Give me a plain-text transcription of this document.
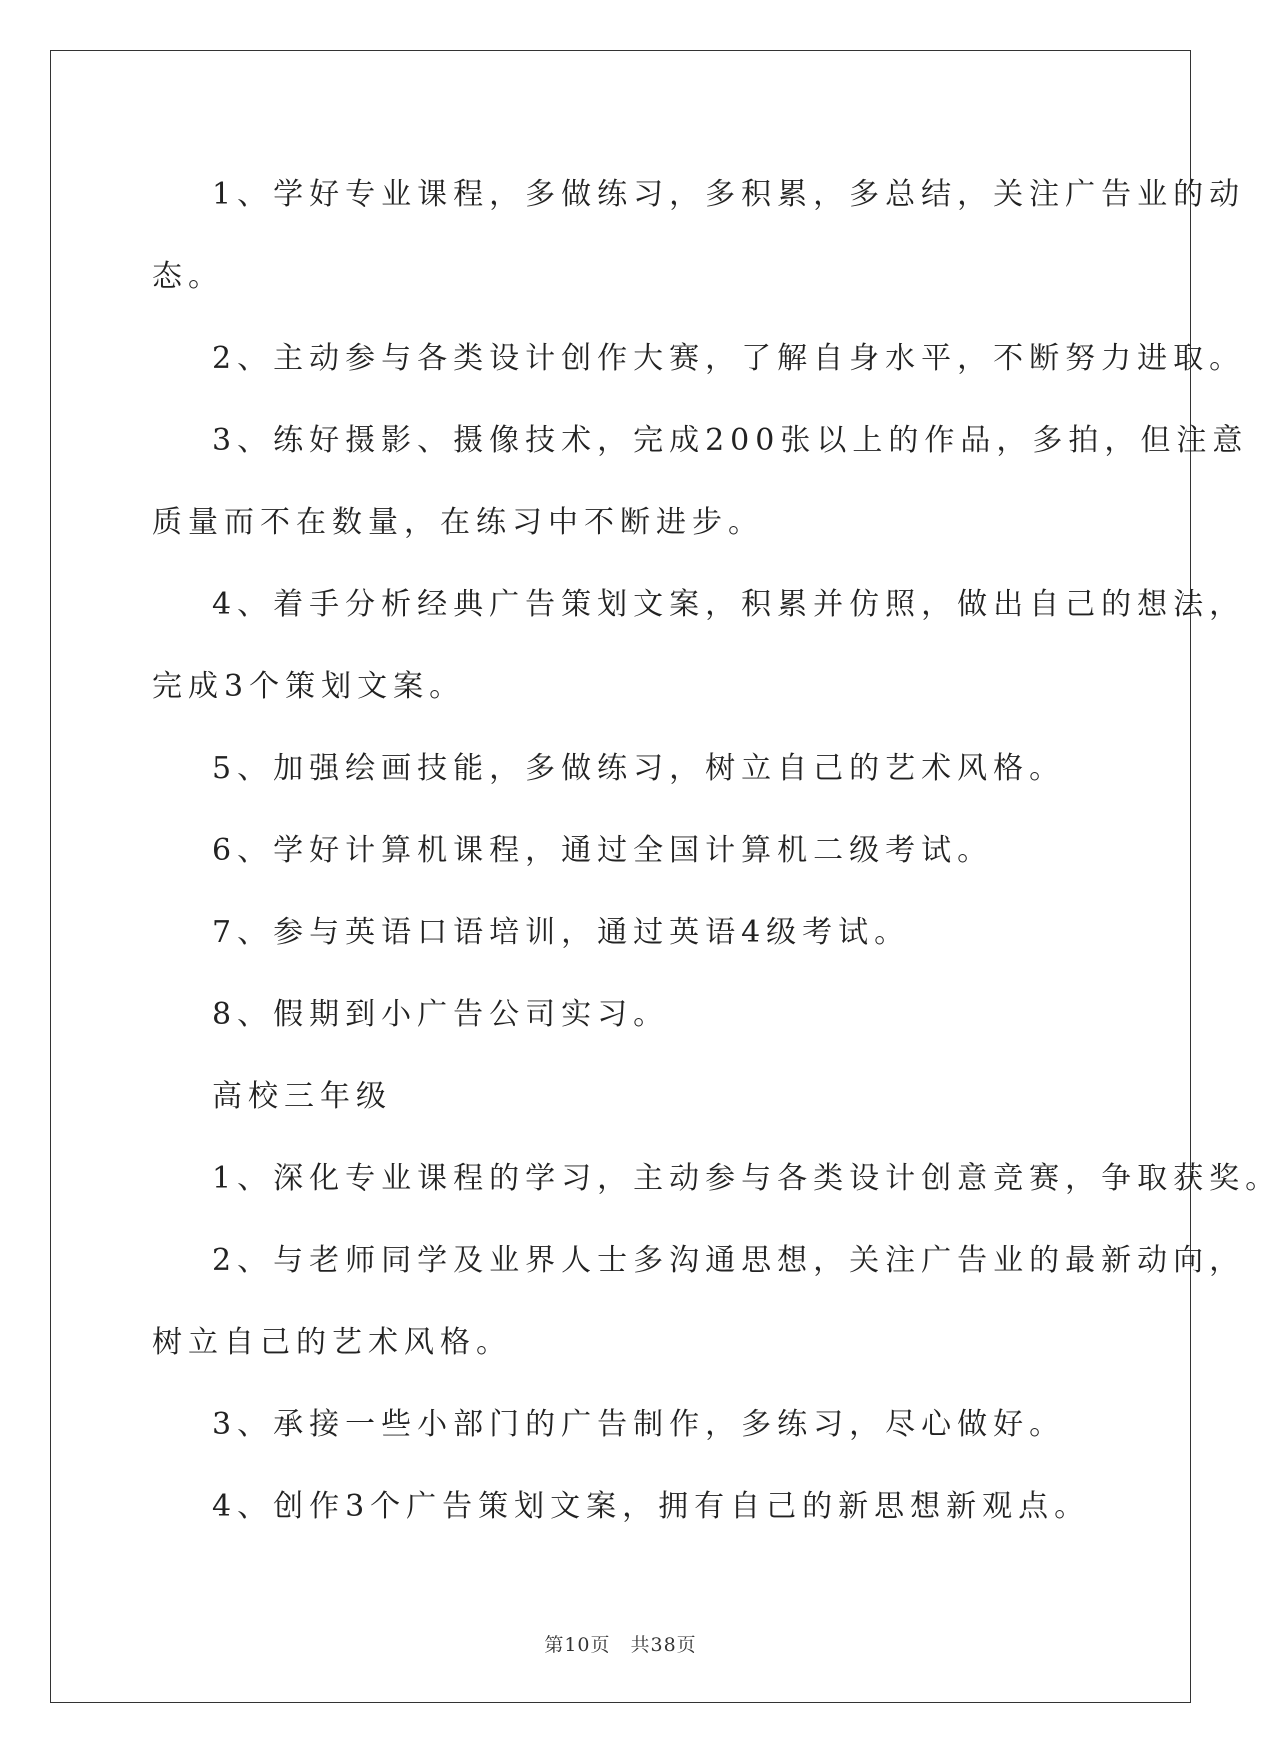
1、学好专业课程，多做练习，多积累，多总结，关注广告业的动
态。
2、主动参与各类设计创作大赛，了解自身水平，不断努力进取。
3、练好摄影、摄像技术，完成200张以上的作品，多拍，但注意
质量而不在数量，在练习中不断进步。
4、着手分析经典广告策划文案，积累并仿照，做出自己的想法，
完成3个策划文案。
5、加强绘画技能，多做练习，树立自己的艺术风格。
6、学好计算机课程，通过全国计算机二级考试。
7、参与英语口语培训，通过英语4级考试。
8、假期到小广告公司实习。
高校三年级
1、深化专业课程的学习，主动参与各类设计创意竞赛，争取获奖。
2、与老师同学及业界人士多沟通思想，关注广告业的最新动向，
树立自己的艺术风格。
3、承接一些小部门的广告制作，多练习，尽心做好。
4、创作3个广告策划文案，拥有自己的新思想新观点。
第10页　共38页
